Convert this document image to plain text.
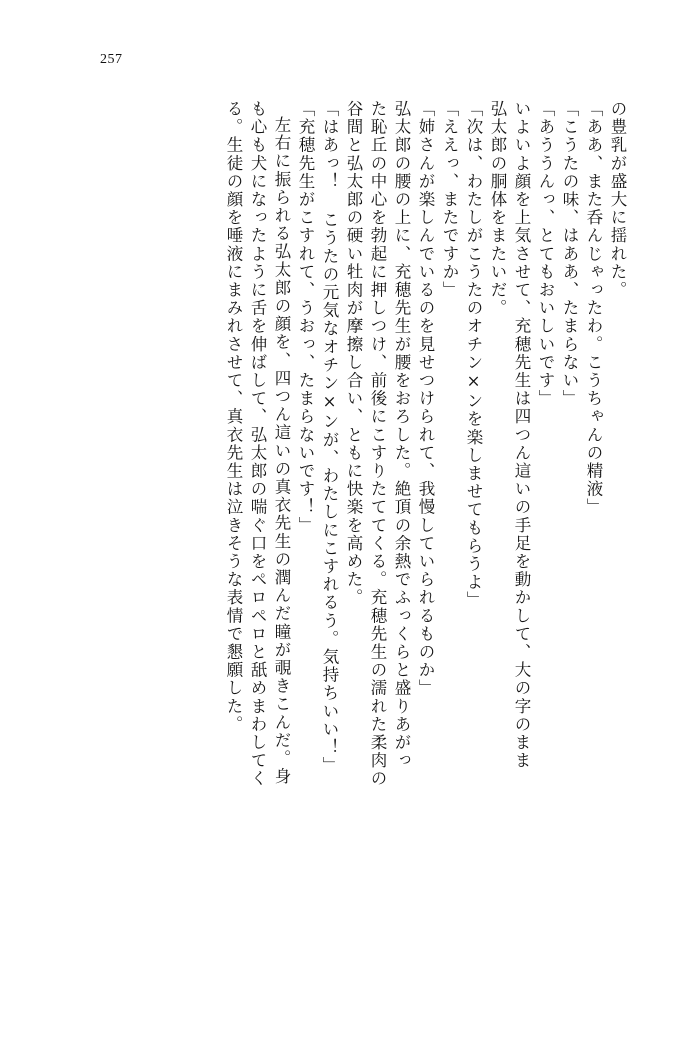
257
の豊乳が盛大に揺れた。
「ああ、また呑んじゃったわ。こうちゃんの精液」
「こうたの味、はああ、たまらない」
「あううんっ、とてもおいしいです」
いよいよ顔を上気させて、充穂先生は四つん這いの手足を動かして、大の字のまま
弘太郎の胴体をまたいだ。
「次は、わたしがこうたのオチン×ンを楽しませてもらうよ」
「ええっ、またですか」
「姉さんが楽しんでいるのを見せつけられて、我慢していられるものか」
弘太郎の腰の上に、充穂先生が腰をおろした。絶頂の余熱でふっくらと盛りあがっ
た恥丘の中心を勃起に押しつけ、前後にこすりたててくる。充穂先生の濡れた柔肉の
谷間と弘太郎の硬い牡肉が摩擦し合い、ともに快楽を高めた。
「はあっ！ こうたの元気なオチン×ンが、わたしにこすれるう。気持ちいい！」
「充穂先生がこすれて、うおっ、たまらないです！」
左右に振られる弘太郎の顔を、四つん這いの真衣先生の潤んだ瞳が覗きこんだ。身
も心も犬になったように舌を伸ばして、弘太郎の喘ぐ口をペロペロと舐めまわしてく
る。生徒の顔を唾液にまみれさせて、真衣先生は泣きそうな表情で懇願した。
